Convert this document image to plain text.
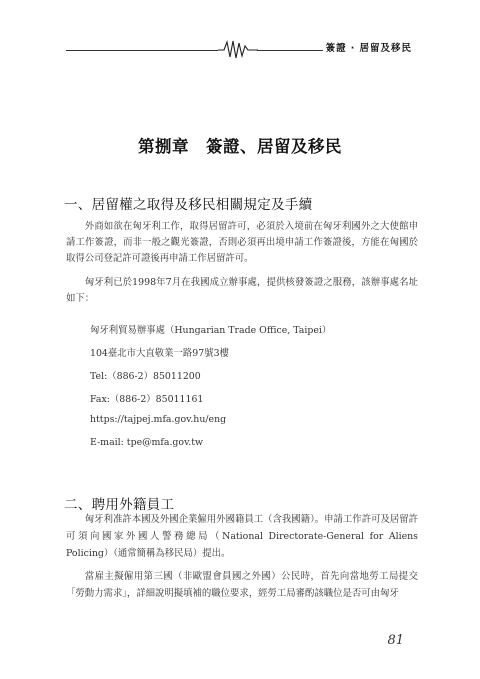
簽證 ‧ 居留及移民
第捌章　簽證、居留及移民
一、居留權之取得及移民相關規定及手續

外商如欲在匈牙利工作，取得居留許可，必須於入境前在匈牙利國外之大使館申請工作簽證，而非一般之觀光簽證，否則必須再出境申請工作簽證後，方能在匈國於取得公司登記許可證後再申請工作居留許可。

匈牙利已於1998年7月在我國成立辦事處，提供核發簽證之服務，該辦事處名址如下：

匈牙利貿易辦事處（Hungarian Trade Office, Taipei）
104臺北市大直敬業一路97號3樓
Tel:（886-2）85011200
Fax:（886-2）85011161
https://tajpej.mfa.gov.hu/eng
E-mail: tpe@mfa.gov.tw
二、聘用外籍員工

匈牙利准許本國及外國企業僱用外國籍員工（含我國籍）。申請工作許可及居留許可須向國家外國人警務總局（National Directorate-General for Aliens Policing）（通常簡稱為移民局）提出。

當雇主擬僱用第三國（非歐盟會員國之外國）公民時，首先向當地勞工局提交「勞動力需求」，詳細說明擬填補的職位要求，經勞工局審酌該職位是否可由匈牙

81
